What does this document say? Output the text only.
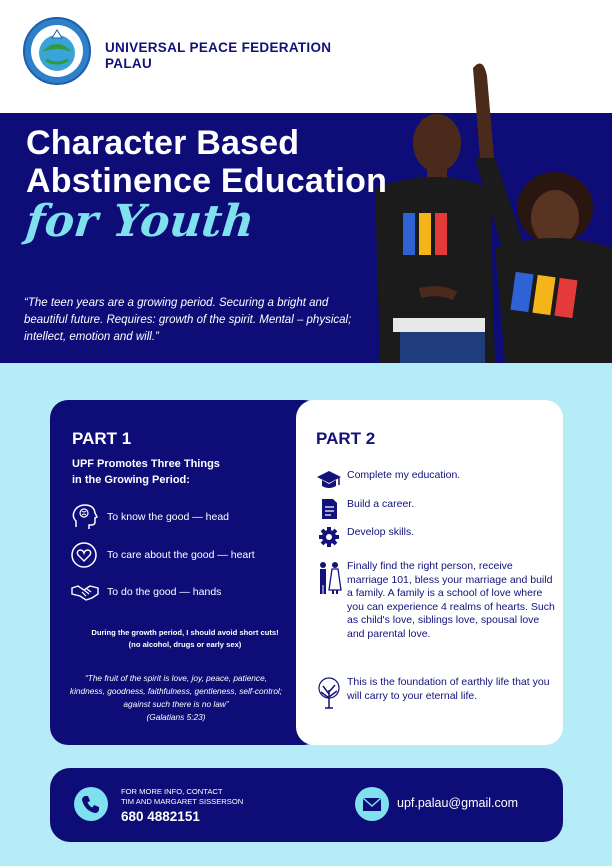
UNIVERSAL PEACE FEDERATION
PALAU
Character Based
Abstinence Education
for Youth
“The teen years are a growing period. Securing a bright and beautiful future. Requires: growth of the spirit. Mental – physical; intellect, emotion and will.”
PART 1
UPF Promotes Three Things
in the Growing Period:
To know the good — head
To care about the good — heart
To do the good — hands
During the growth period, I should avoid short cuts!
(no alcohol, drugs or early sex)
“The fruit of the spirit is love, joy, peace, patience, kindness, goodness, faithfulness, gentleness, self-control; against such there is no law”
(Galatians 5:23)
PART 2
Complete my education.
Build a career.
Develop skills.
Finally find the right person, receive marriage 101, bless your marriage and build a family. A family is a school of love where you can experience 4 realms of hearts. Such as child's love, siblings love, spousal love and parental love.
This is the foundation of earthly life that you will carry to your eternal life.
FOR MORE INFO, CONTACT
TIM AND MARGARET SISSERSON
680 4882151
upf.palau@gmail.com
